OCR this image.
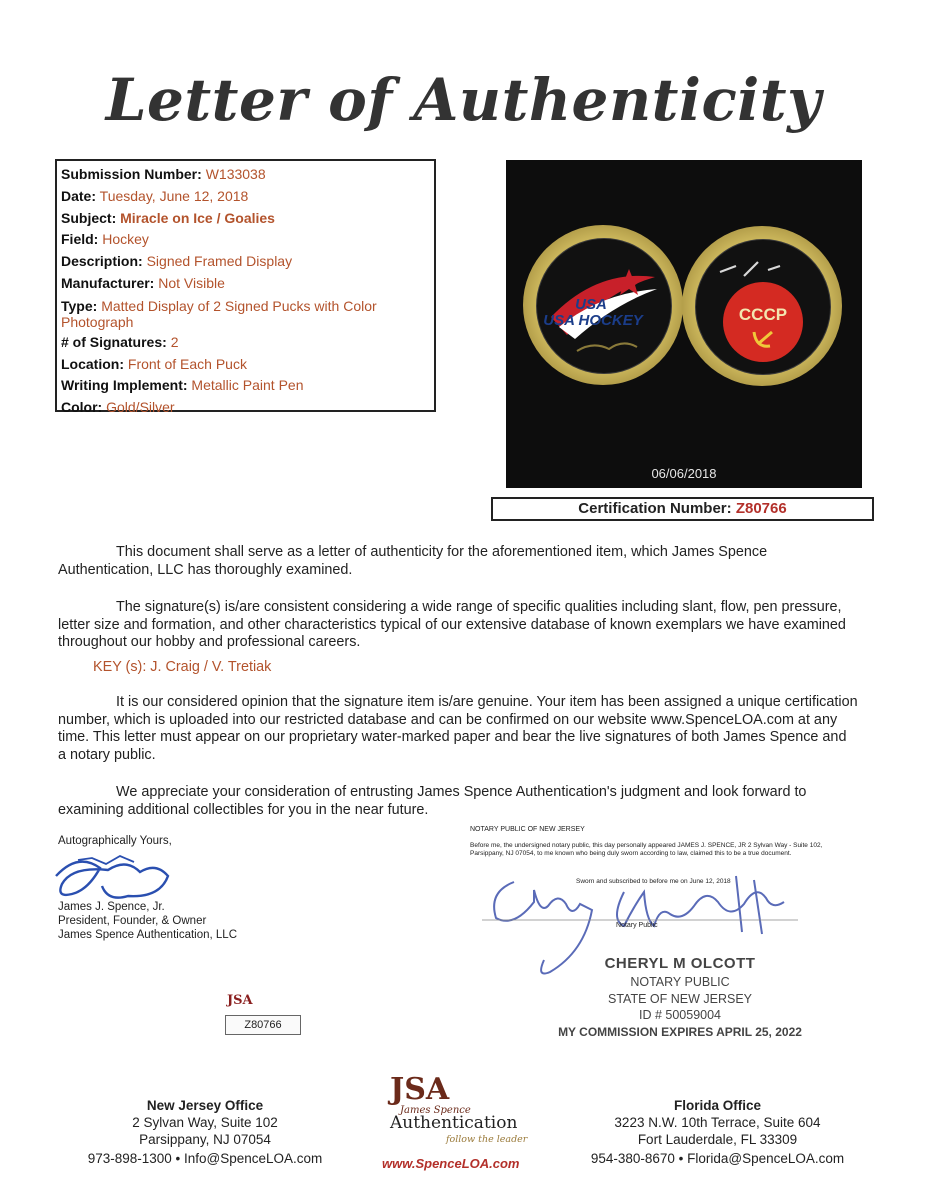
Letter of Authenticity
Submission Number: W133038
Date: Tuesday, June 12, 2018
Subject: Miracle on Ice / Goalies
Field: Hockey
Description: Signed Framed Display
Manufacturer: Not Visible
Type: Matted Display of 2 Signed Pucks with Color Photograph
# of Signatures: 2
Location: Front of Each Puck
Writing Implement: Metallic Paint Pen
Color: Gold/Silver
USA
USA HOCKEY	CCCP
06/06/2018
Certification Number: Z80766
This document shall serve as a letter of authenticity for the aforementioned item, which James Spence Authentication, LLC has thoroughly examined.
The signature(s) is/are consistent considering a wide range of specific qualities including slant, flow, pen pressure, letter size and formation, and other characteristics typical of our extensive database of known exemplars we have examined throughout our hobby and professional careers.
KEY (s): J. Craig / V. Tretiak
It is our considered opinion that the signature item is/are genuine. Your item has been assigned a unique certification number, which is uploaded into our restricted database and can be confirmed on our website www.SpenceLOA.com at any time. This letter must appear on our proprietary water-marked paper and bear the live signatures of both James Spence and a notary public.
We appreciate your consideration of entrusting James Spence Authentication's judgment and look forward to examining additional collectibles for you in the near future.
Autographically Yours,
James J. Spence, Jr.
President, Founder, & Owner
James Spence Authentication, LLC
JSA
Z80766
NOTARY PUBLIC OF NEW JERSEY
Before me, the undersigned notary public, this day personally appeared JAMES J. SPENCE, JR 2 Sylvan Way - Suite 102, Parsippany, NJ 07054, to me known who being duly sworn according to law, claimed this to be a true document.
Sworn and subscribed to before me on June 12, 2018
Notary Public
CHERYL M OLCOTT
NOTARY PUBLIC
STATE OF NEW JERSEY
ID # 50059004
MY COMMISSION EXPIRES APRIL 25, 2022
New Jersey Office
2 Sylvan Way, Suite 102
Parsippany, NJ 07054
973-898-1300 • Info@SpenceLOA.com
JSA
James Spence
Authentication
follow the leader
www.SpenceLOA.com
Florida Office
3223 N.W. 10th Terrace, Suite 604
Fort Lauderdale, FL 33309
954-380-8670 • Florida@SpenceLOA.com
